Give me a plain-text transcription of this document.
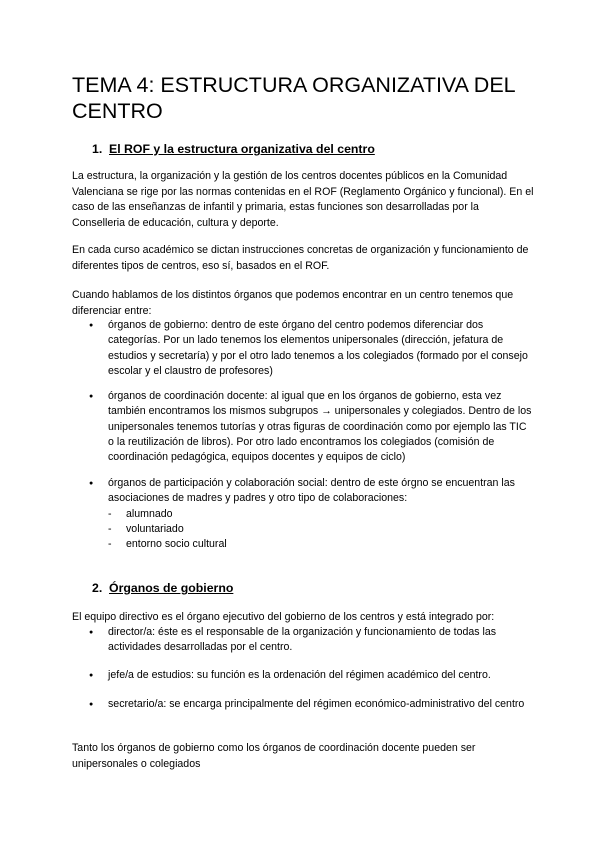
TEMA 4: ESTRUCTURA ORGANIZATIVA DEL CENTRO
1. El ROF y la estructura organizativa del centro

La estructura, la organización y la gestión de los centros docentes públicos en la Comunidad Valenciana se rige por las normas contenidas en el ROF (Reglamento Orgánico y funcional). En el caso de las enseñanzas de infantil y primaria, estas funciones son desarrolladas por la Conselleria de educación, cultura y deporte.

En cada curso académico se dictan instrucciones concretas de organización y funcionamiento de diferentes tipos de centros, eso sí, basados en el ROF.

Cuando hablamos de los distintos órganos que podemos encontrar en un centro tenemos que diferenciar entre:

● órganos de gobierno: dentro de este órgano del centro podemos diferenciar dos categorías. Por un lado tenemos los elementos unipersonales (dirección, jefatura de estudios y secretaría) y por el otro lado tenemos a los colegiados (formado por el consejo escolar y el claustro de profesores)
● órganos de coordinación docente: al igual que en los órganos de gobierno, esta vez también encontramos los mismos subgrupos → unipersonales y colegiados. Dentro de los unipersonales tenemos tutorías y otras figuras de coordinación como por ejemplo las TIC o la reutilización de libros). Por otro lado encontramos los colegiados (comisión de coordinación pedagógica, equipos docentes y equipos de ciclo)
● órganos de participación y colaboración social: dentro de este órgno se encuentran las asociaciones de madres y padres y otro tipo de colaboraciones:
- alumnado
- voluntariado
- entorno socio cultural
2. Órganos de gobierno

El equipo directivo es el órgano ejecutivo del gobierno de los centros y está integrado por:

● director/a: éste es el responsable de la organización y funcionamiento de todas las actividades desarrolladas por el centro.
● jefe/a de estudios: su función es la ordenación del régimen académico del centro.
● secretario/a: se encarga principalmente del régimen económico-administrativo del centro

Tanto los órganos de gobierno como los órganos de coordinación docente pueden ser unipersonales o colegiados
